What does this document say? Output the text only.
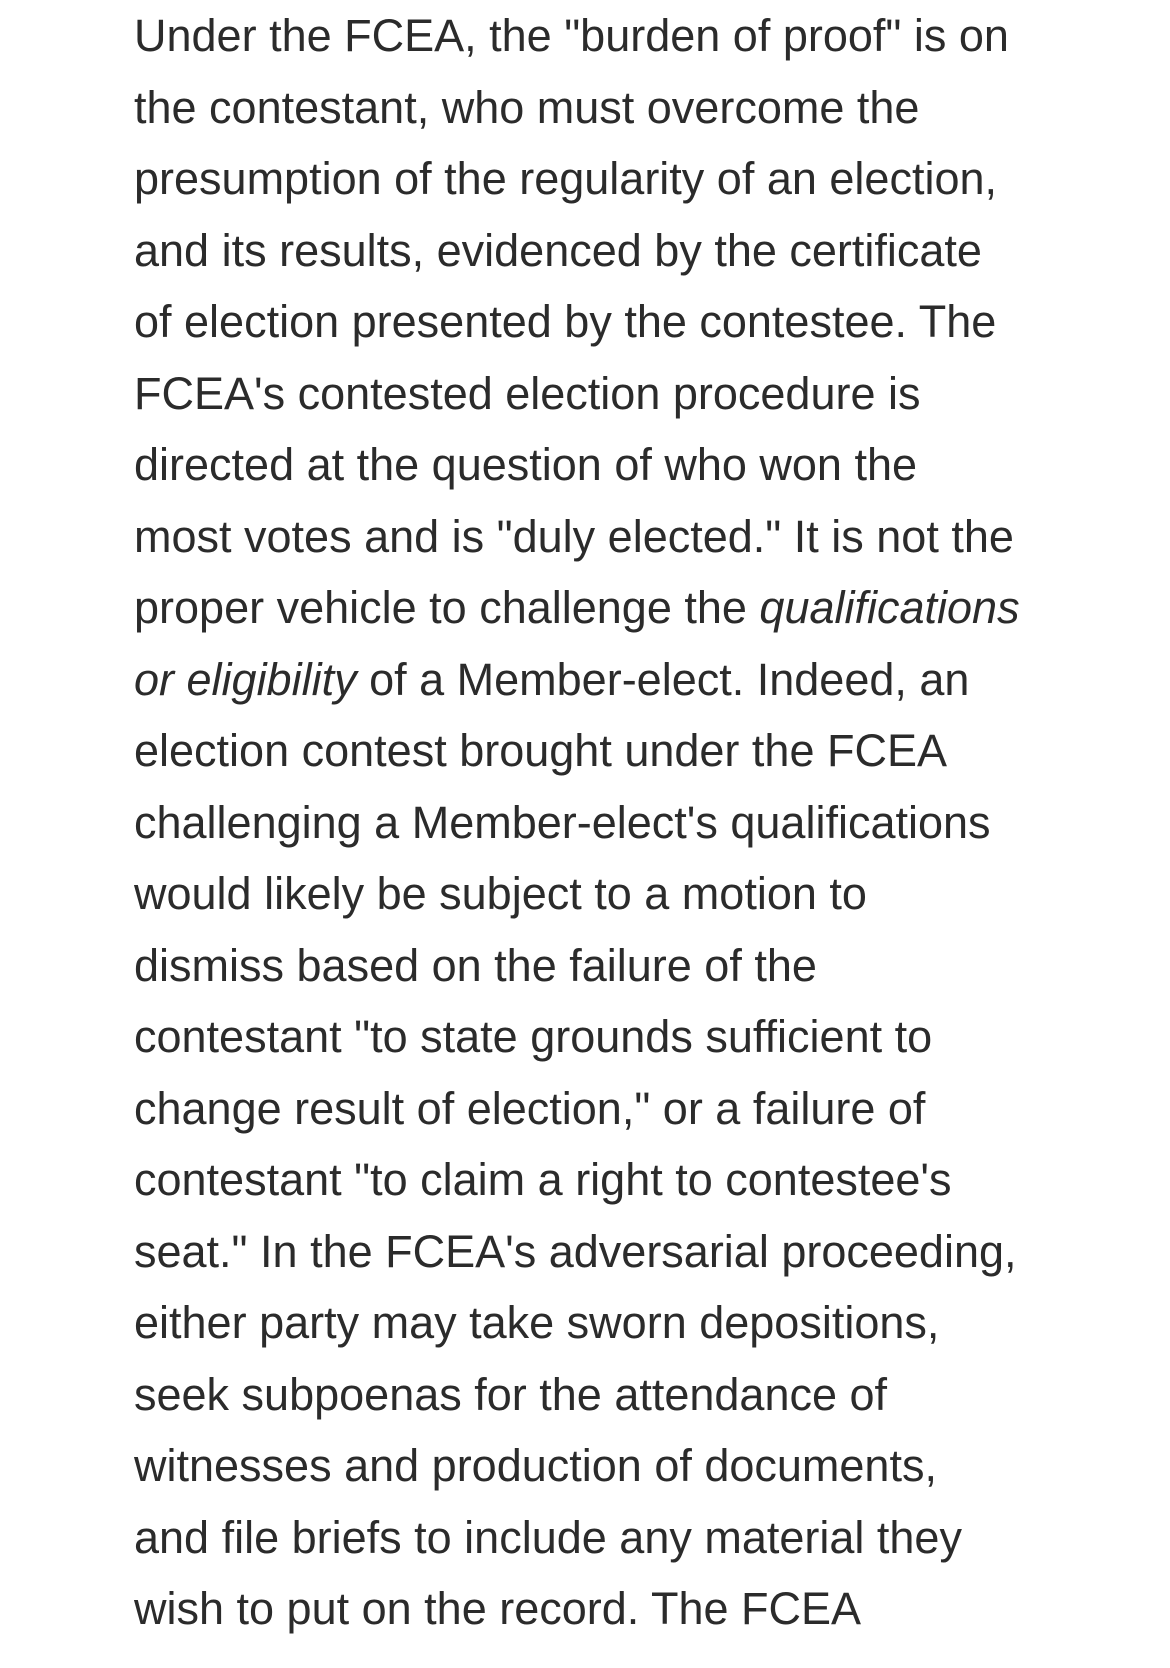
Under the FCEA, the "burden of proof" is on
the contestant, who must overcome the
presumption of the regularity of an election,
and its results, evidenced by the certificate
of election presented by the contestee. The
FCEA's contested election procedure is
directed at the question of who won the
most votes and is "duly elected." It is not the
proper vehicle to challenge the qualifications
or eligibility of a Member-elect. Indeed, an
election contest brought under the FCEA
challenging a Member-elect's qualifications
would likely be subject to a motion to
dismiss based on the failure of the
contestant "to state grounds sufficient to
change result of election," or a failure of
contestant "to claim a right to contestee's
seat." In the FCEA's adversarial proceeding,
either party may take sworn depositions,
seek subpoenas for the attendance of
witnesses and production of documents,
and file briefs to include any material they
wish to put on the record. The FCEA
